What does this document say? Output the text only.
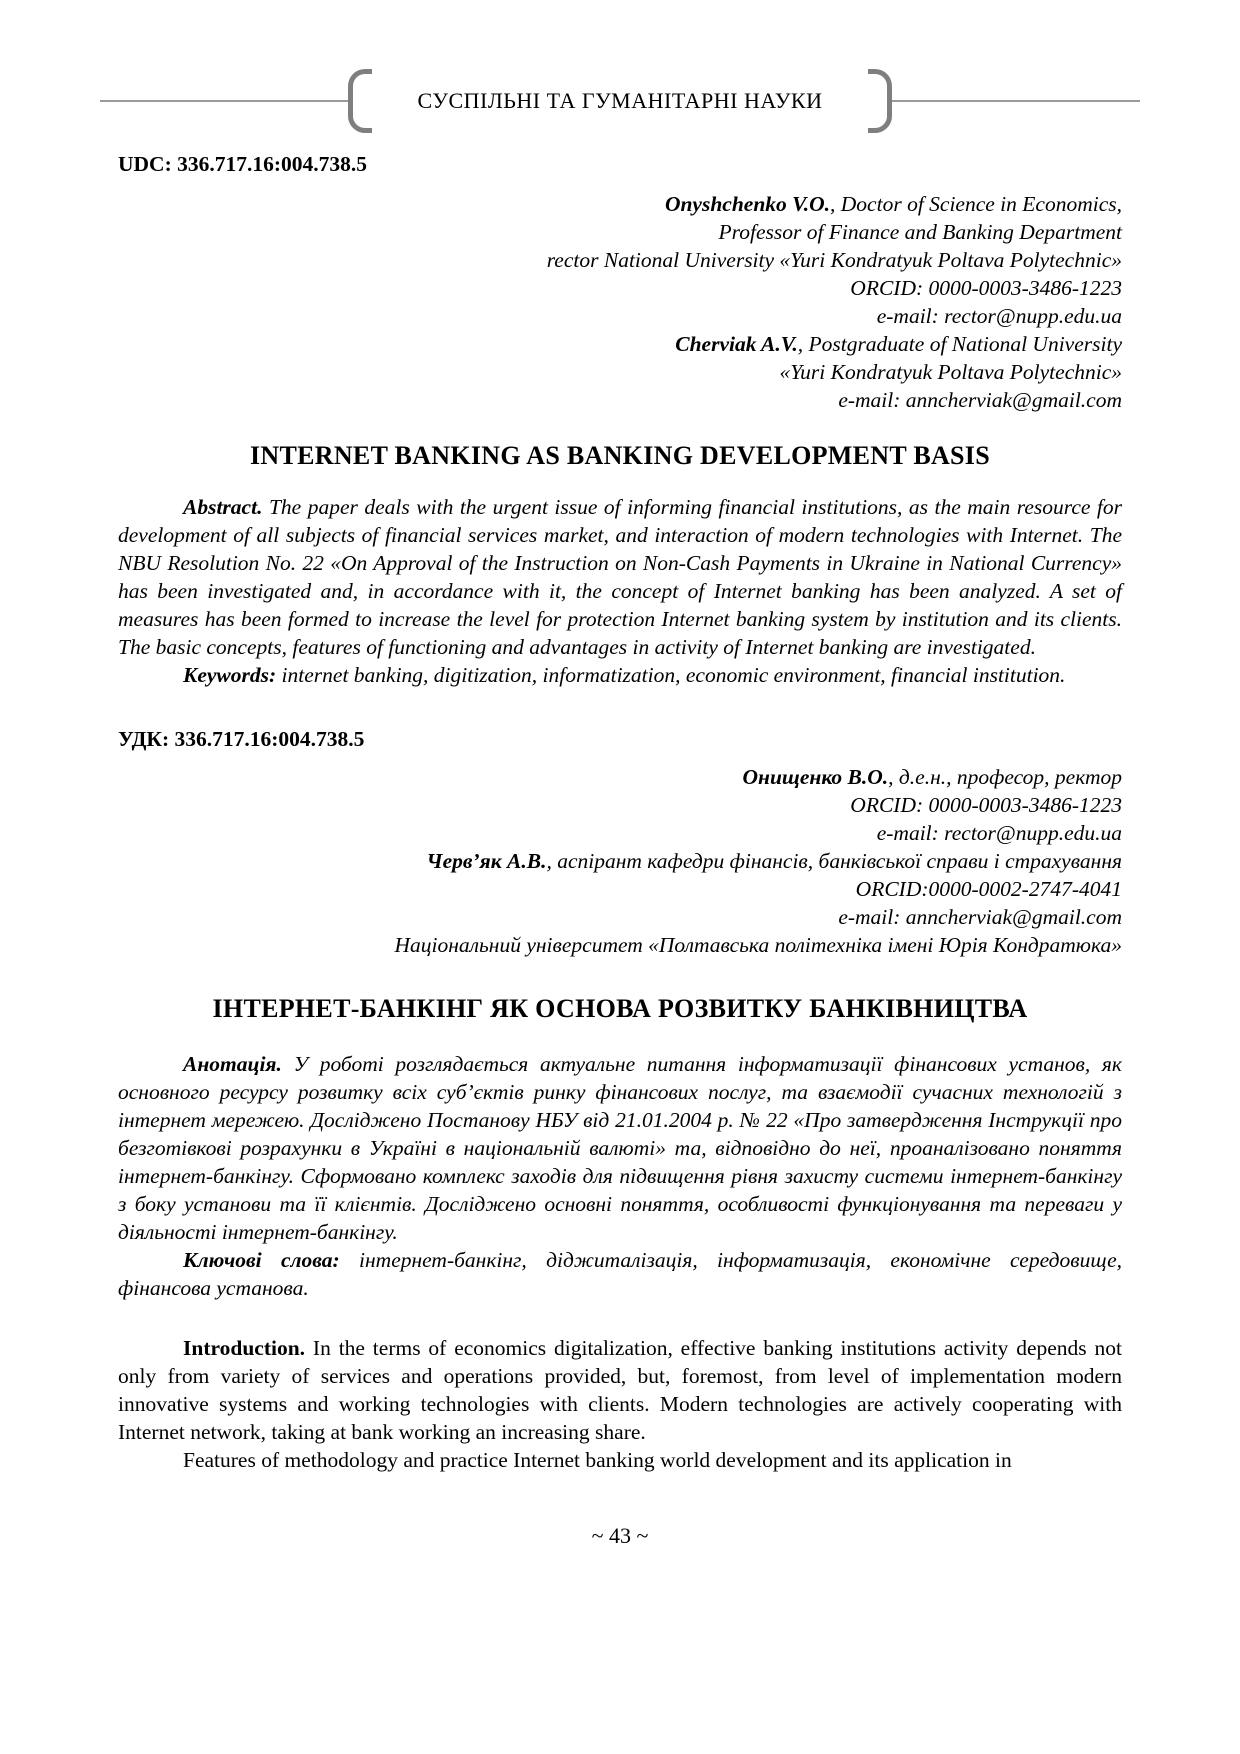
СУСПІЛЬНІ ТА ГУМАНІТАРНІ НАУКИ
UDC: 336.717.16:004.738.5
Onyshchenko V.O., Doctor of Science in Economics,
Professor of Finance and Banking Department
rector National University «Yuri Kondratyuk Poltava Polytechnic»
ORCID: 0000-0003-3486-1223
e-mail: rector@nupp.edu.ua
Cherviak A.V., Postgraduate of National University
«Yuri Kondratyuk Poltava Polytechnic»
e-mail: anncherviak@gmail.com
INTERNET BANKING AS BANKING DEVELOPMENT BASIS

Abstract. The paper deals with the urgent issue of informing financial institutions, as the main resource for development of all subjects of financial services market, and interaction of modern technologies with Internet. The NBU Resolution No. 22 «On Approval of the Instruction on Non-Cash Payments in Ukraine in National Currency» has been investigated and, in accordance with it, the concept of Internet banking has been analyzed. A set of measures has been formed to increase the level for protection Internet banking system by institution and its clients. The basic concepts, features of functioning and advantages in activity of Internet banking are investigated.

Keywords: internet banking, digitization, informatization, economic environment, financial institution.

УДК: 336.717.16:004.738.5
Онищенко В.О., д.е.н., професор, ректор
ORCID: 0000-0003-3486-1223
e-mail: rector@nupp.edu.ua
Черв’як А.В., аспірант кафедри фінансів, банківської справи і страхування
ORCID:0000-0002-2747-4041
e-mail: anncherviak@gmail.com
Національний університет «Полтавська політехніка імені Юрія Кондратюка»
ІНТЕРНЕТ-БАНКІНГ ЯК ОСНОВА РОЗВИТКУ БАНКІВНИЦТВА

Анотація. У роботі розглядається актуальне питання інформатизації фінансових установ, як основного ресурсу розвитку всіх суб’єктів ринку фінансових послуг, та взаємодії сучасних технологій з інтернет мережею. Досліджено Постанову НБУ від 21.01.2004 р. № 22 «Про затвердження Інструкції про безготівкові розрахунки в Україні в національній валюті» та, відповідно до неї, проаналізовано поняття інтернет-банкінгу. Сформовано комплекс заходів для підвищення рівня захисту системи інтернет-банкінгу з боку установи та її клієнтів. Досліджено основні поняття, особливості функціонування та переваги у діяльності інтернет-банкінгу.

Ключові слова: інтернет-банкінг, діджиталізація, інформатизація, економічне середовище, фінансова установа.

Introduction. In the terms of economics digitalization, effective banking institutions activity depends not only from variety of services and operations provided, but, foremost, from level of implementation modern innovative systems and working technologies with clients. Modern technologies are actively cooperating with Internet network, taking at bank working an increasing share.

Features of methodology and practice Internet banking world development and its application in

~ 43 ~
